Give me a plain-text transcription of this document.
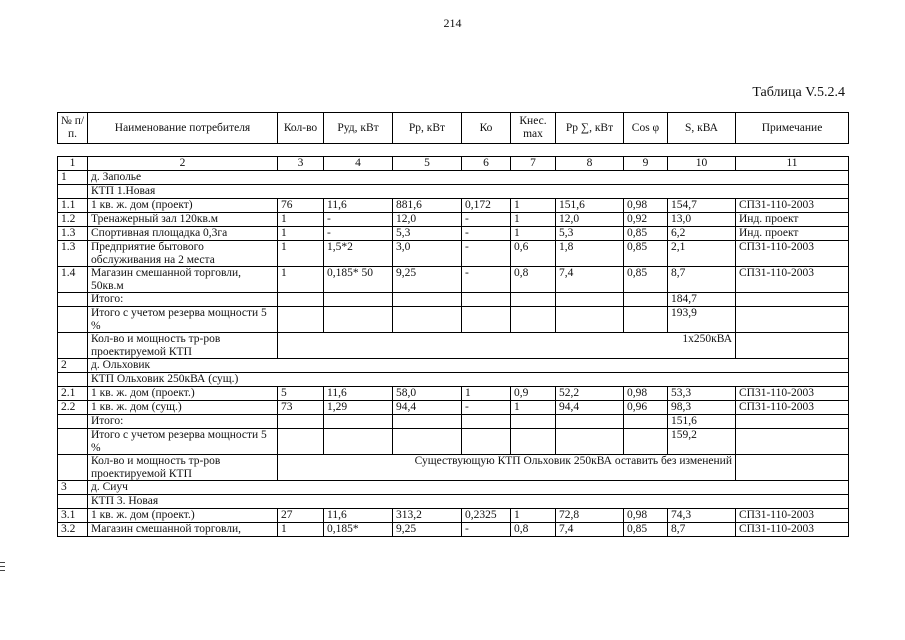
214
Таблица V.5.2.4
№ п/п.	Наименование потребителя	Кол-во	Руд, кВт	Рр, кВт	Ко	Кнес. max	Рр ∑, кВт	Cos φ	S, кВА	Примечание
1	2	3	4	5	6	7	8	9	10	11
1	д. Заполье									
	КТП 1.Новая									
1.1	1 кв. ж. дом (проект)	76	11,6	881,6	0,172	1	151,6	0,98	154,7	СП31-110-2003
1.2	Тренажерный зал 120кв.м	1	-	12,0	-	1	12,0	0,92	13,0	Инд. проект
1.3	Спортивная площадка 0,3га	1	-	5,3	-	1	5,3	0,85	6,2	Инд. проект
1.3	Предприятие бытового обслуживания на 2 места	1	1,5*2	3,0	-	0,6	1,8	0,85	2,1	СП31-110-2003
1.4	Магазин смешанной торговли, 50кв.м	1	0,185* 50	9,25	-	0,8	7,4	0,85	8,7	СП31-110-2003
	Итого:								184,7	
	Итого с учетом резерва мощности 5 %								193,9	
	Кол-во и мощность тр-ров проектируемой КТП	1x250кВА								
2	д. Ольховик									
	КТП Ольховик 250кВА (сущ.)									
2.1	1 кв. ж. дом (проект.)	5	11,6	58,0	1	0,9	52,2	0,98	53,3	СП31-110-2003
2.2	1 кв. ж. дом (сущ.)	73	1,29	94,4	-	1	94,4	0,96	98,3	СП31-110-2003
	Итого:								151,6	
	Итого с учетом резерва мощности 5 %								159,2	
	Кол-во и мощность тр-ров проектируемой КТП	Существующую КТП Ольховик 250кВА оставить без изменений								
3	д. Сиуч									
	КТП 3. Новая									
3.1	1 кв. ж. дом (проект.)	27	11,6	313,2	0,2325	1	72,8	0,98	74,3	СП31-110-2003
3.2	Магазин смешанной торговли,	1	0,185*	9,25	-	0,8	7,4	0,85	8,7	СП31-110-2003
